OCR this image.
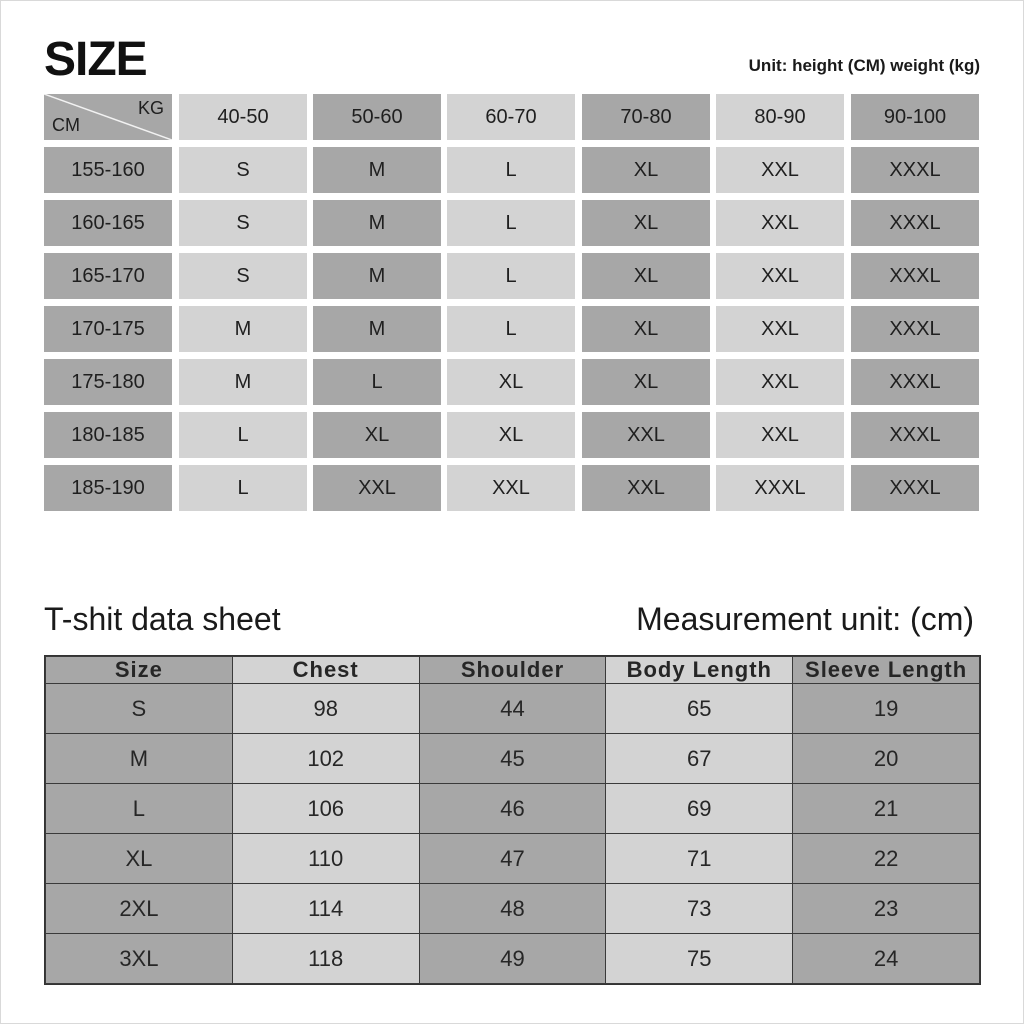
SIZE	Unit: height (CM) weight (kg)
KG
CM	40-50	50-60	60-70	70-80	80-90	90-100
155-160	S	M	L	XL	XXL	XXXL
160-165	S	M	L	XL	XXL	XXXL
165-170	S	M	L	XL	XXL	XXXL
170-175	M	M	L	XL	XXL	XXXL
175-180	M	L	XL	XL	XXL	XXXL
180-185	L	XL	XL	XXL	XXL	XXXL
185-190	L	XXL	XXL	XXL	XXXL	XXXL
T-shit data sheet	Measurement unit: (cm)
Size	Chest	Shoulder	Body Length	Sleeve Length
S	98	44	65	19
M	102	45	67	20
L	106	46	69	21
XL	110	47	71	22
2XL	114	48	73	23
3XL	118	49	75	24
